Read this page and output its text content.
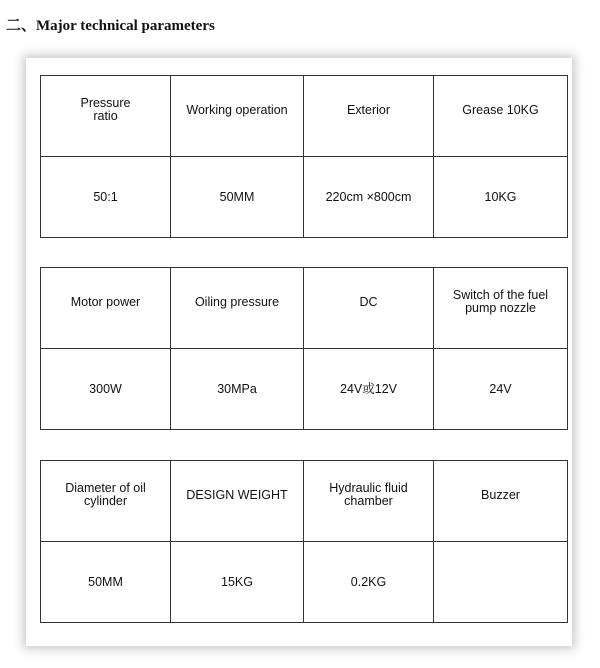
二、Major technical parameters
Pressure ratio	Working operation	Exterior	Grease 10KG
50:1	50MM	220cm ×800cm	10KG
Motor power	Oiling pressure	DC	Switch of the fuel pump nozzle
300W	30MPa	24V或12V	24V
Diameter of oil cylinder	DESIGN WEIGHT	Hydraulic fluid chamber	Buzzer
50MM	15KG	0.2KG	
